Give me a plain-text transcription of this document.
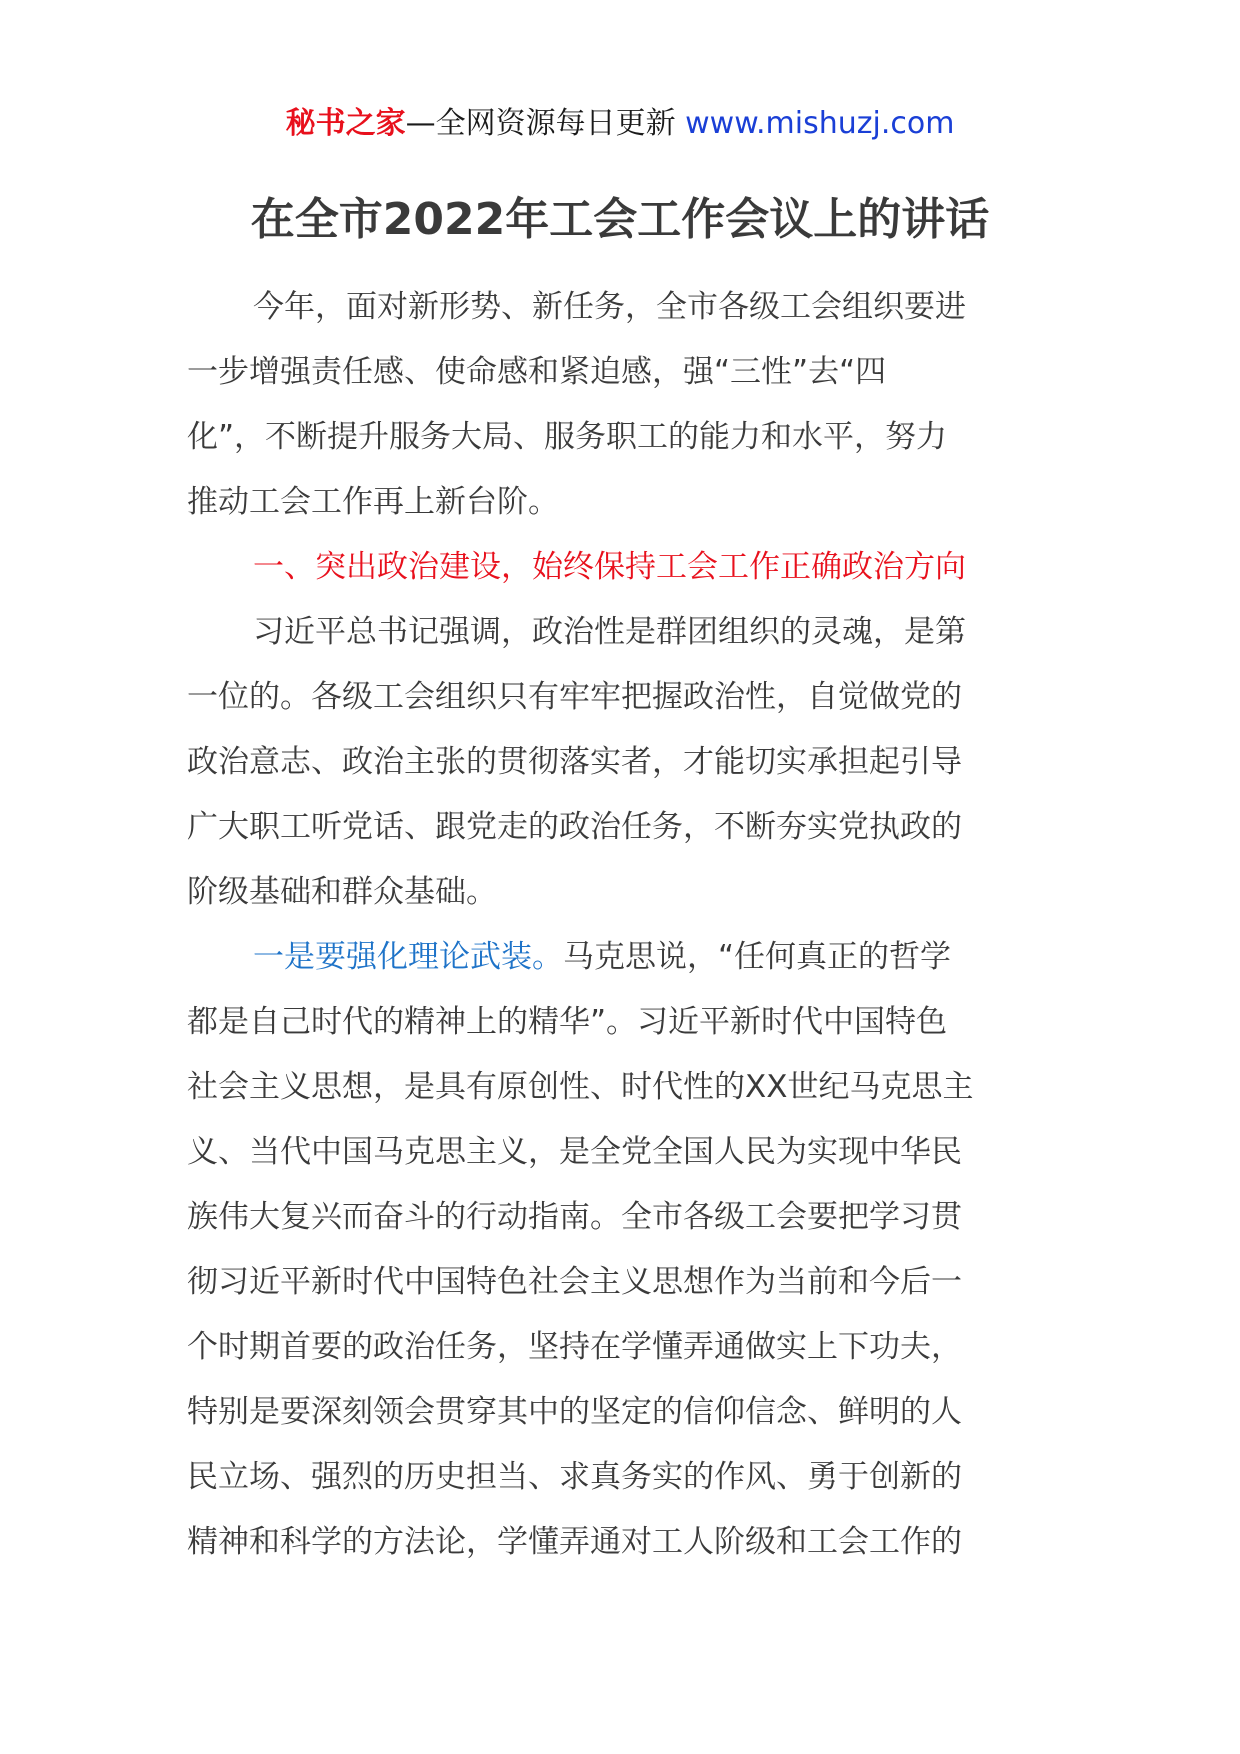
秘书之家—全网资源每日更新 www.mishuzj.com
在全市2022年工会工作会议上的讲话
今年，面对新形势、新任务，全市各级工会组织要进
一步增强责任感、使命感和紧迫感，强“三性”去“四
化”，不断提升服务大局、服务职工的能力和水平，努力
推动工会工作再上新台阶。
一、突出政治建设，始终保持工会工作正确政治方向
习近平总书记强调，政治性是群团组织的灵魂，是第
一位的。各级工会组织只有牢牢把握政治性，自觉做党的
政治意志、政治主张的贯彻落实者，才能切实承担起引导
广大职工听党话、跟党走的政治任务，不断夯实党执政的
阶级基础和群众基础。
一是要强化理论武装。马克思说，“任何真正的哲学
都是自己时代的精神上的精华”。习近平新时代中国特色
社会主义思想，是具有原创性、时代性的XX世纪马克思主
义、当代中国马克思主义，是全党全国人民为实现中华民
族伟大复兴而奋斗的行动指南。全市各级工会要把学习贯
彻习近平新时代中国特色社会主义思想作为当前和今后一
个时期首要的政治任务，坚持在学懂弄通做实上下功夫，
特别是要深刻领会贯穿其中的坚定的信仰信念、鲜明的人
民立场、强烈的历史担当、求真务实的作风、勇于创新的
精神和科学的方法论，学懂弄通对工人阶级和工会工作的
